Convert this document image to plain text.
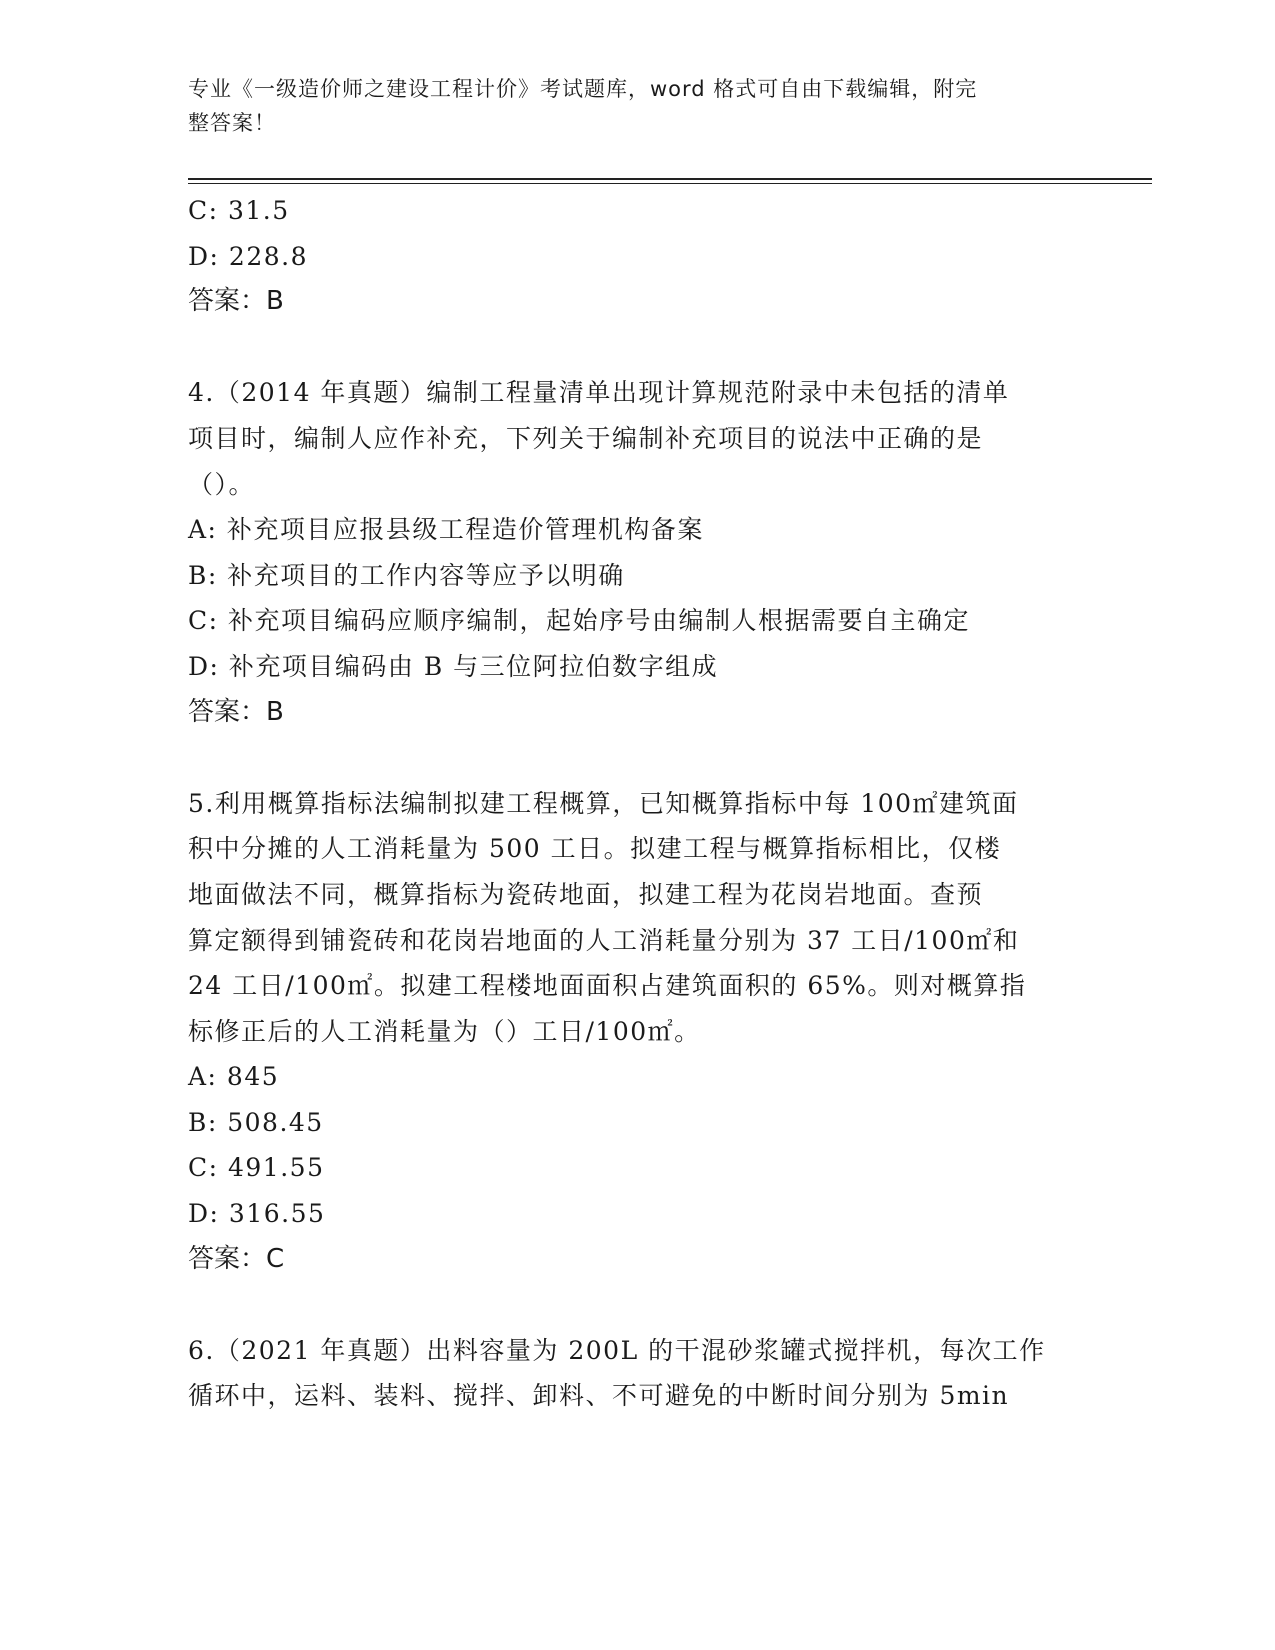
专业《一级造价师之建设工程计价》考试题库，word 格式可自由下载编辑，附完
整答案！
C: 31.5
D: 228.8
答案：B
4.（2014 年真题）编制工程量清单出现计算规范附录中未包括的清单
项目时，编制人应作补充，下列关于编制补充项目的说法中正确的是
（）。
A: 补充项目应报县级工程造价管理机构备案
B: 补充项目的工作内容等应予以明确
C: 补充项目编码应顺序编制，起始序号由编制人根据需要自主确定
D: 补充项目编码由 B 与三位阿拉伯数字组成
答案：B
5.利用概算指标法编制拟建工程概算，已知概算指标中每 100㎡建筑面
积中分摊的人工消耗量为 500 工日。拟建工程与概算指标相比，仅楼
地面做法不同，概算指标为瓷砖地面，拟建工程为花岗岩地面。查预
算定额得到铺瓷砖和花岗岩地面的人工消耗量分别为 37 工日/100㎡和
24 工日/100㎡。拟建工程楼地面面积占建筑面积的 65%。则对概算指
标修正后的人工消耗量为（）工日/100㎡。
A: 845
B: 508.45
C: 491.55
D: 316.55
答案：C
6.（2021 年真题）出料容量为 200L 的干混砂浆罐式搅拌机，每次工作
循环中，运料、装料、搅拌、卸料、不可避免的中断时间分别为 5min
